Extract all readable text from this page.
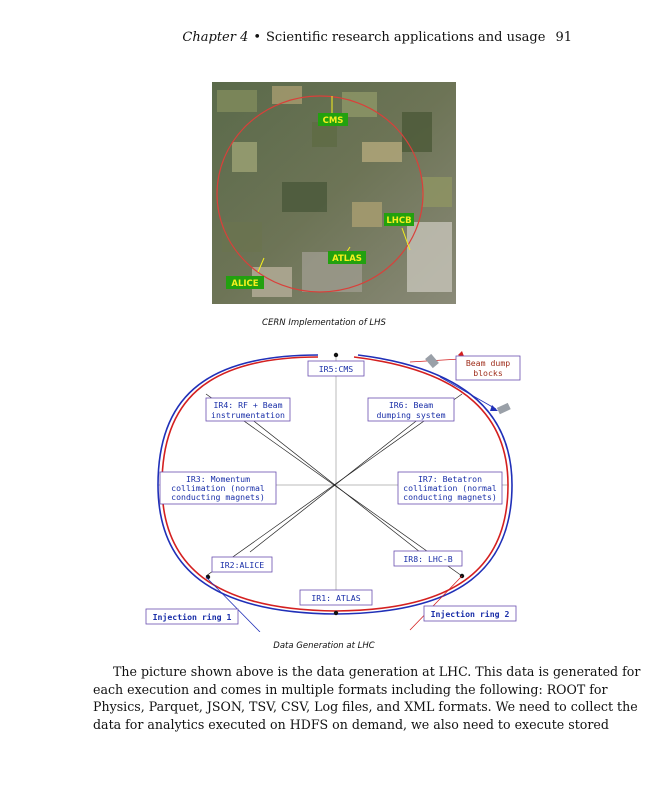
Chapter 4 • Scientific research applications and usage 91
CMS
LHCB
ATLAS
ALICE
CERN Implementation of LHS
IR5:CMS
Beam dump
blocks
IR4: RF + Beam
instrumentation
IR6: Beam
dumping system
IR3: Momentum
collimation (normal
conducting magnets)
IR7: Betatron
collimation (normal
conducting magnets)
IR2:ALICE
IR8: LHC-B
IR1: ATLAS
Injection ring 1	Injection ring 2
Data Generation at LHC
The picture shown above is the data generation at LHC. This data is generated for
each execution and comes in multiple formats including the following: ROOT for
Physics, Parquet, JSON, TSV, CSV, Log files, and XML formats. We need to collect the
data for analytics executed on HDFS on demand, we also need to execute stored
